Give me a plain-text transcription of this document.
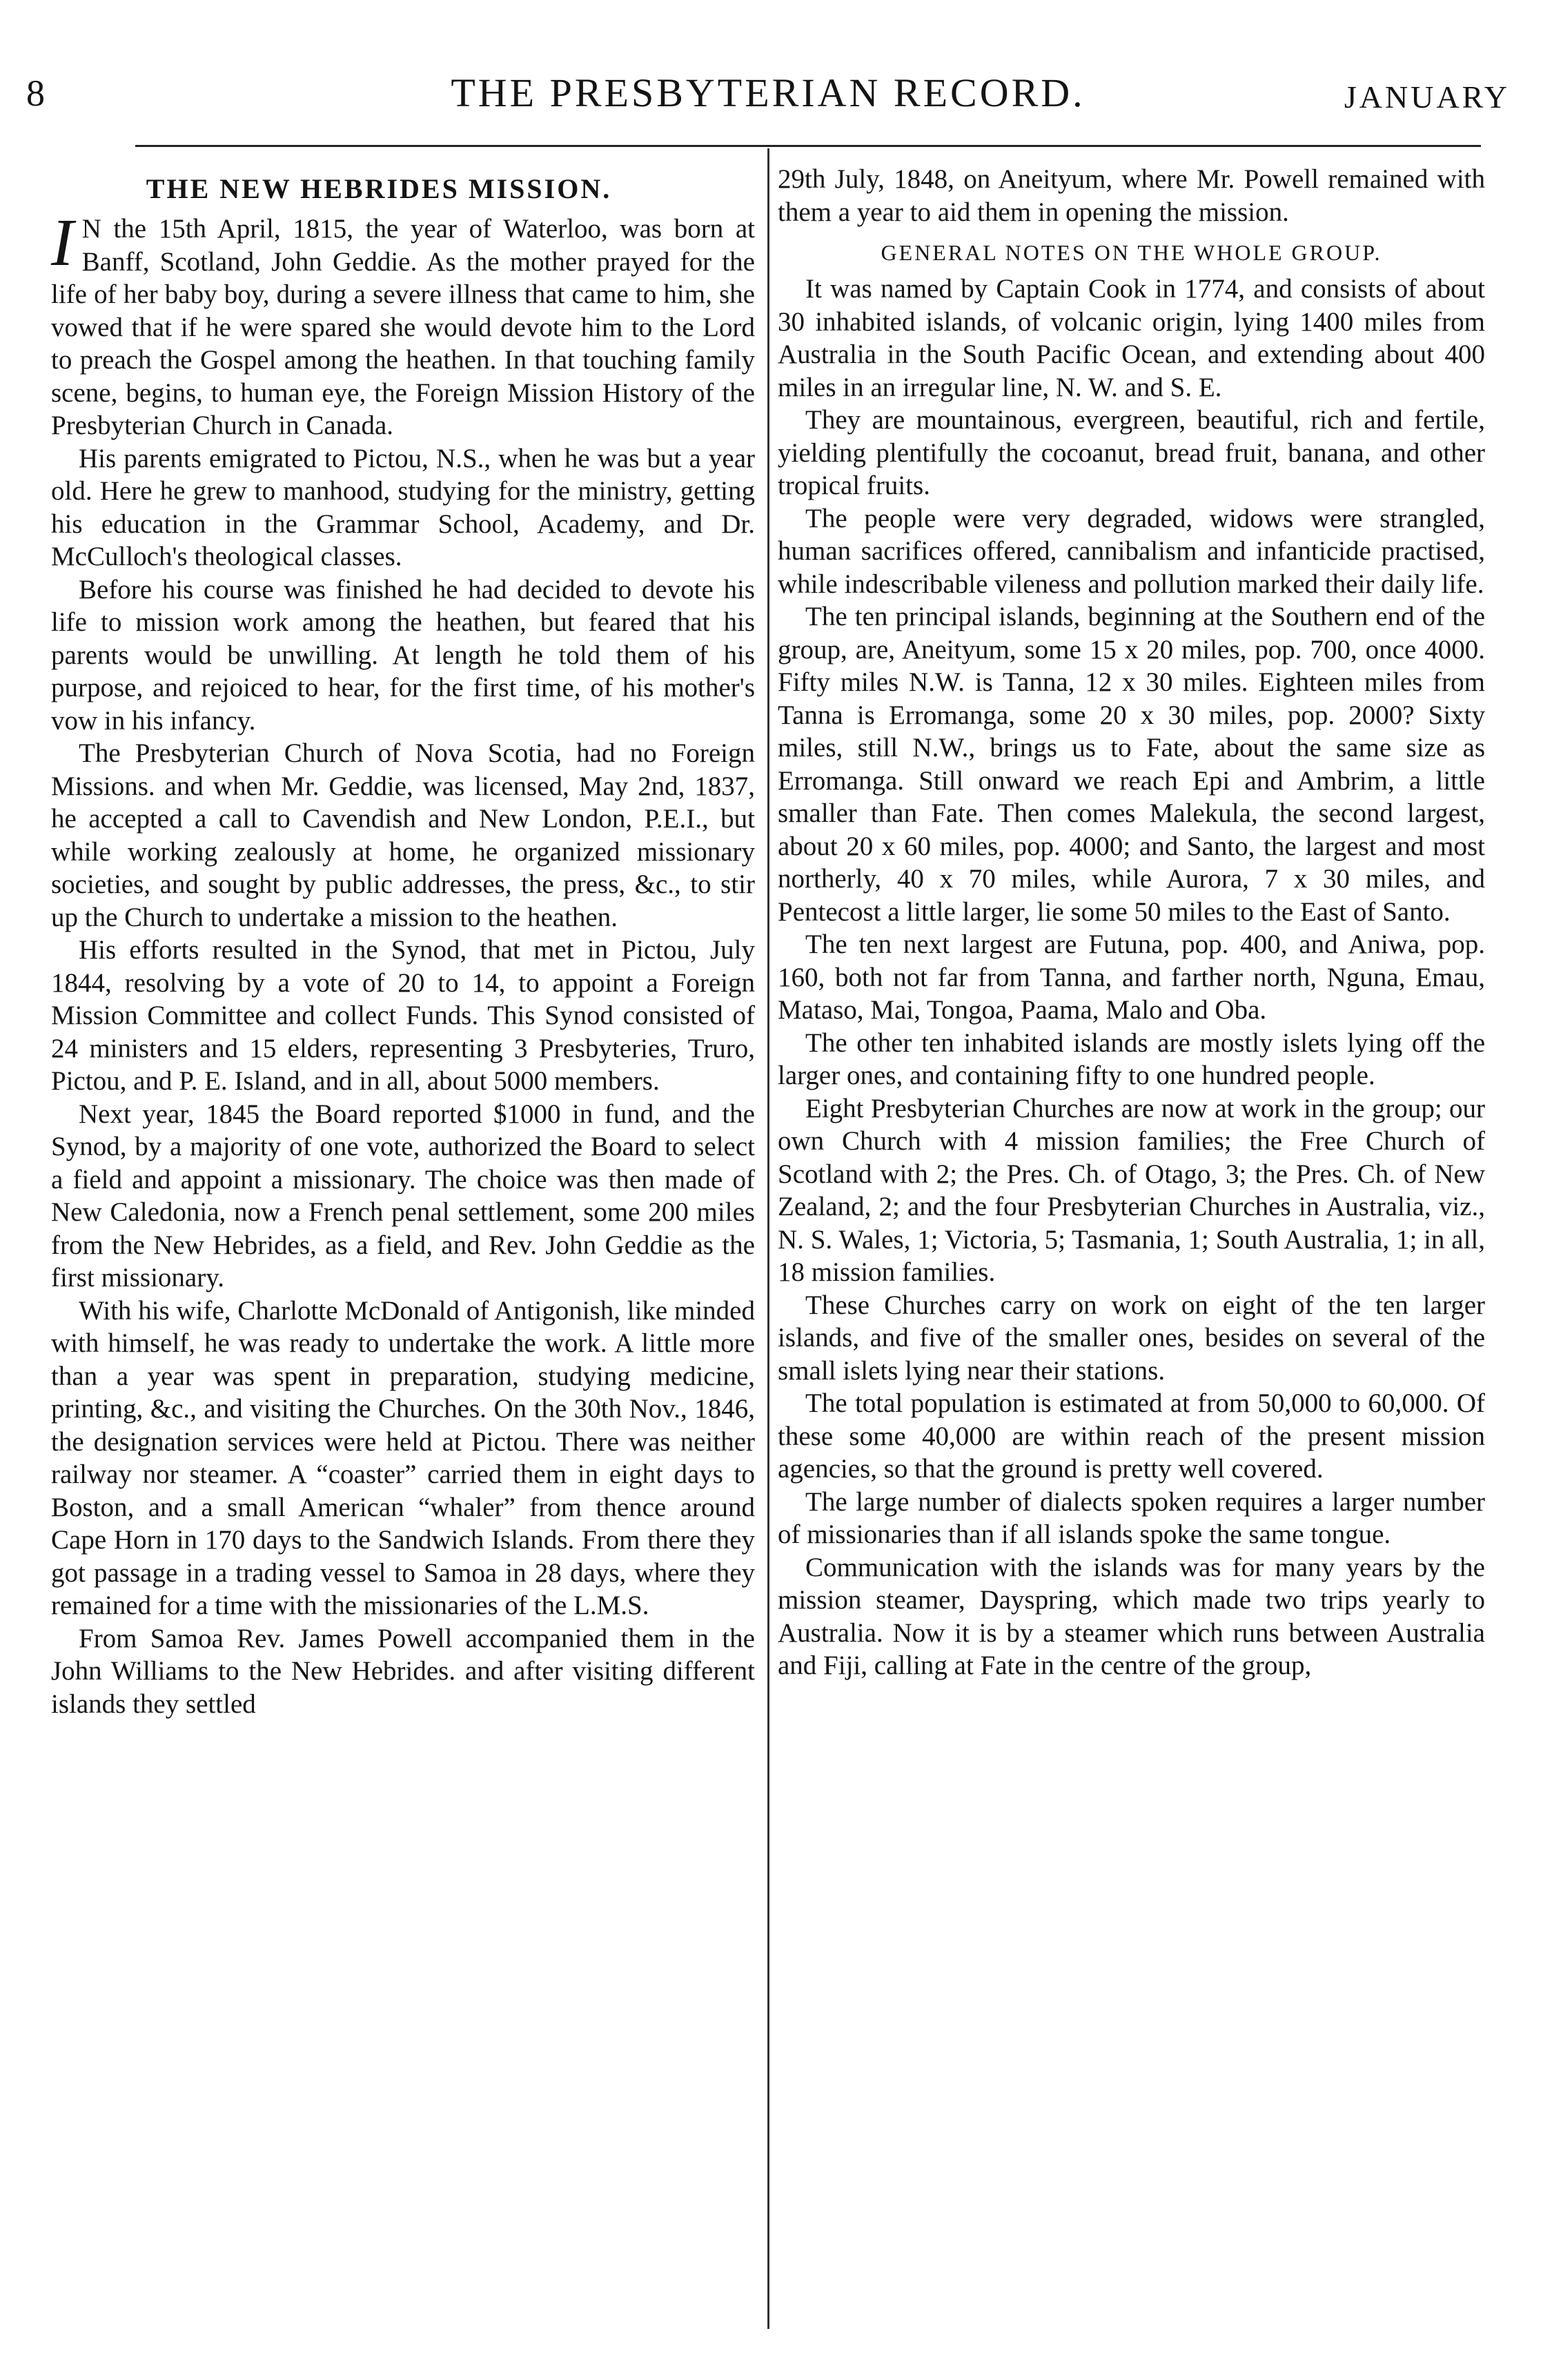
8	THE PRESBYTERIAN RECORD.	JANUARY
THE NEW HEBRIDES MISSION.

I N the 15th April, 1815, the year of Waterloo, was born at Banff, Scotland, John Geddie. As the mother prayed for the life of her baby boy, during a severe illness that came to him, she vowed that if he were spared she would devote him to the Lord to preach the Gospel among the heathen. In that touching family scene, begins, to human eye, the Foreign Mission History of the Presbyterian Church in Canada.

His parents emigrated to Pictou, N.S., when he was but a year old. Here he grew to manhood, studying for the ministry, getting his education in the Grammar School, Academy, and Dr. McCulloch's theological classes.

Before his course was finished he had decided to devote his life to mission work among the heathen, but feared that his parents would be unwilling. At length he told them of his purpose, and rejoiced to hear, for the first time, of his mother's vow in his infancy.

The Presbyterian Church of Nova Scotia, had no Foreign Missions. and when Mr. Geddie, was licensed, May 2nd, 1837, he accepted a call to Cavendish and New London, P.E.I., but while working zealously at home, he organized missionary societies, and sought by public addresses, the press, &c., to stir up the Church to undertake a mission to the heathen.

His efforts resulted in the Synod, that met in Pictou, July 1844, resolving by a vote of 20 to 14, to appoint a Foreign Mission Committee and collect Funds. This Synod consisted of 24 ministers and 15 elders, representing 3 Presbyteries, Truro, Pictou, and P. E. Island, and in all, about 5000 members.

Next year, 1845 the Board reported $1000 in fund, and the Synod, by a majority of one vote, authorized the Board to select a field and appoint a missionary. The choice was then made of New Caledonia, now a French penal settlement, some 200 miles from the New Hebrides, as a field, and Rev. John Geddie as the first missionary.

With his wife, Charlotte McDonald of Antigonish, like minded with himself, he was ready to undertake the work. A little more than a year was spent in preparation, studying medicine, printing, &c., and visiting the Churches. On the 30th Nov., 1846, the designation services were held at Pictou. There was neither railway nor steamer. A “coaster” carried them in eight days to Boston, and a small American “whaler” from thence around Cape Horn in 170 days to the Sandwich Islands. From there they got passage in a trading vessel to Samoa in 28 days, where they remained for a time with the missionaries of the L.M.S.

From Samoa Rev. James Powell accompanied them in the John Williams to the New Hebrides. and after visiting different islands they settled

29th July, 1848, on Aneityum, where Mr. Powell remained with them a year to aid them in opening the mission.

GENERAL NOTES ON THE WHOLE GROUP.

It was named by Captain Cook in 1774, and consists of about 30 inhabited islands, of volcanic origin, lying 1400 miles from Australia in the South Pacific Ocean, and extending about 400 miles in an irregular line, N. W. and S. E.

They are mountainous, evergreen, beautiful, rich and fertile, yielding plentifully the cocoanut, bread fruit, banana, and other tropical fruits.

The people were very degraded, widows were strangled, human sacrifices offered, cannibalism and infanticide practised, while indescribable vileness and pollution marked their daily life.

The ten principal islands, beginning at the Southern end of the group, are, Aneityum, some 15 x 20 miles, pop. 700, once 4000. Fifty miles N.W. is Tanna, 12 x 30 miles. Eighteen miles from Tanna is Erromanga, some 20 x 30 miles, pop. 2000? Sixty miles, still N.W., brings us to Fate, about the same size as Erromanga. Still onward we reach Epi and Ambrim, a little smaller than Fate. Then comes Malekula, the second largest, about 20 x 60 miles, pop. 4000; and Santo, the largest and most northerly, 40 x 70 miles, while Aurora, 7 x 30 miles, and Pentecost a little larger, lie some 50 miles to the East of Santo.

The ten next largest are Futuna, pop. 400, and Aniwa, pop. 160, both not far from Tanna, and farther north, Nguna, Emau, Mataso, Mai, Tongoa, Paama, Malo and Oba.

The other ten inhabited islands are mostly islets lying off the larger ones, and containing fifty to one hundred people.

Eight Presbyterian Churches are now at work in the group; our own Church with 4 mission families; the Free Church of Scotland with 2; the Pres. Ch. of Otago, 3; the Pres. Ch. of New Zealand, 2; and the four Presbyterian Churches in Australia, viz., N. S. Wales, 1; Victoria, 5; Tasmania, 1; South Australia, 1; in all, 18 mission families.

These Churches carry on work on eight of the ten larger islands, and five of the smaller ones, besides on several of the small islets lying near their stations.

The total population is estimated at from 50,000 to 60,000. Of these some 40,000 are within reach of the present mission agencies, so that the ground is pretty well covered.

The large number of dialects spoken requires a larger number of missionaries than if all islands spoke the same tongue.

Communication with the islands was for many years by the mission steamer, Dayspring, which made two trips yearly to Australia. Now it is by a steamer which runs between Australia and Fiji, calling at Fate in the centre of the group,
